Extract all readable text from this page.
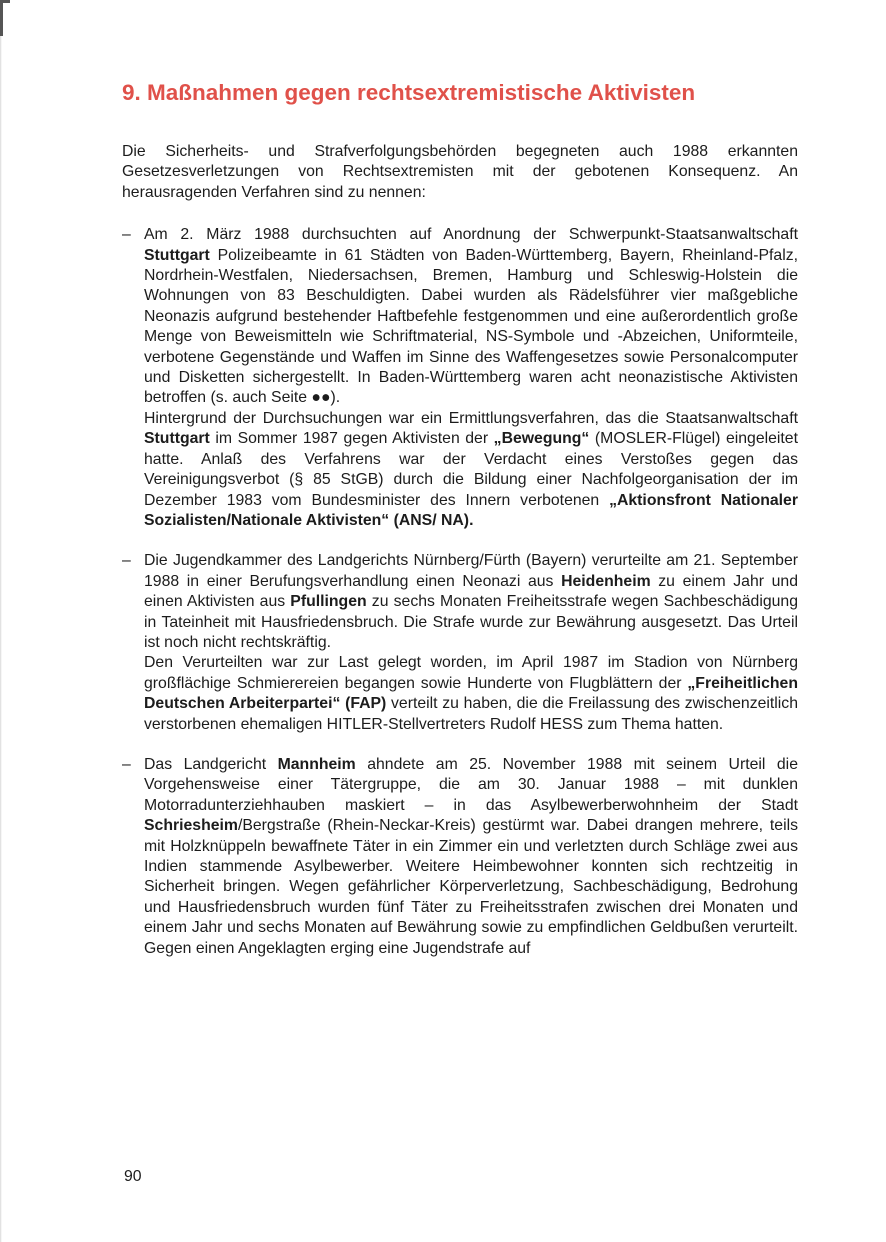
9. Maßnahmen gegen rechtsextremistische Aktivisten

Die Sicherheits- und Strafverfolgungsbehörden begegneten auch 1988 erkannten Gesetzesverletzungen von Rechtsextremisten mit der gebotenen Konsequenz. An herausragenden Verfahren sind zu nennen:

– Am 2. März 1988 durchsuchten auf Anordnung der Schwerpunkt-Staatsanwaltschaft Stuttgart Polizeibeamte in 61 Städten von Baden-Württemberg, Bayern, Rheinland-Pfalz, Nordrhein-Westfalen, Niedersachsen, Bremen, Hamburg und Schleswig-Holstein die Wohnungen von 83 Beschuldigten. Dabei wurden als Rädelsführer vier maßgebliche Neonazis aufgrund bestehender Haftbefehle festgenommen und eine außerordentlich große Menge von Beweismitteln wie Schriftmaterial, NS-Symbole und -Abzeichen, Uniformteile, verbotene Gegenstände und Waffen im Sinne des Waffengesetzes sowie Personalcomputer und Disketten sichergestellt. In Baden-Württemberg waren acht neonazistische Aktivisten betroffen (s. auch Seite ●●).

Hintergrund der Durchsuchungen war ein Ermittlungsverfahren, das die Staatsanwaltschaft Stuttgart im Sommer 1987 gegen Aktivisten der „Bewegung“ (MOSLER-Flügel) eingeleitet hatte. Anlaß des Verfahrens war der Verdacht eines Verstoßes gegen das Vereinigungsverbot (§ 85 StGB) durch die Bildung einer Nachfolgeorganisation der im Dezember 1983 vom Bundesminister des Innern verbotenen „Aktionsfront Nationaler Sozialisten/Nationale Aktivisten“ (ANS/ NA).

– Die Jugendkammer des Landgerichts Nürnberg/Fürth (Bayern) verurteilte am 21. September 1988 in einer Berufungsverhandlung einen Neonazi aus Heidenheim zu einem Jahr und einen Aktivisten aus Pfullingen zu sechs Monaten Freiheitsstrafe wegen Sachbeschädigung in Tateinheit mit Hausfriedensbruch. Die Strafe wurde zur Bewährung ausgesetzt. Das Urteil ist noch nicht rechtskräftig.

Den Verurteilten war zur Last gelegt worden, im April 1987 im Stadion von Nürnberg großflächige Schmierereien begangen sowie Hunderte von Flugblättern der „Freiheitlichen Deutschen Arbeiterpartei“ (FAP) verteilt zu haben, die die Freilassung des zwischenzeitlich verstorbenen ehemaligen HITLER-Stellvertreters Rudolf HESS zum Thema hatten.

– Das Landgericht Mannheim ahndete am 25. November 1988 mit seinem Urteil die Vorgehensweise einer Tätergruppe, die am 30. Januar 1988 – mit dunklen Motorradunterziehhauben maskiert – in das Asylbewerberwohnheim der Stadt Schriesheim/Bergstraße (Rhein-Neckar-Kreis) gestürmt war. Dabei drangen mehrere, teils mit Holzknüppeln bewaffnete Täter in ein Zimmer ein und verletzten durch Schläge zwei aus Indien stammende Asylbewerber. Weitere Heimbewohner konnten sich rechtzeitig in Sicherheit bringen. Wegen gefährlicher Körperverletzung, Sachbeschädigung, Bedrohung und Hausfriedensbruch wurden fünf Täter zu Freiheitsstrafen zwischen drei Monaten und einem Jahr und sechs Monaten auf Bewährung sowie zu empfindlichen Geldbußen verurteilt. Gegen einen Angeklagten erging eine Jugendstrafe auf

90
